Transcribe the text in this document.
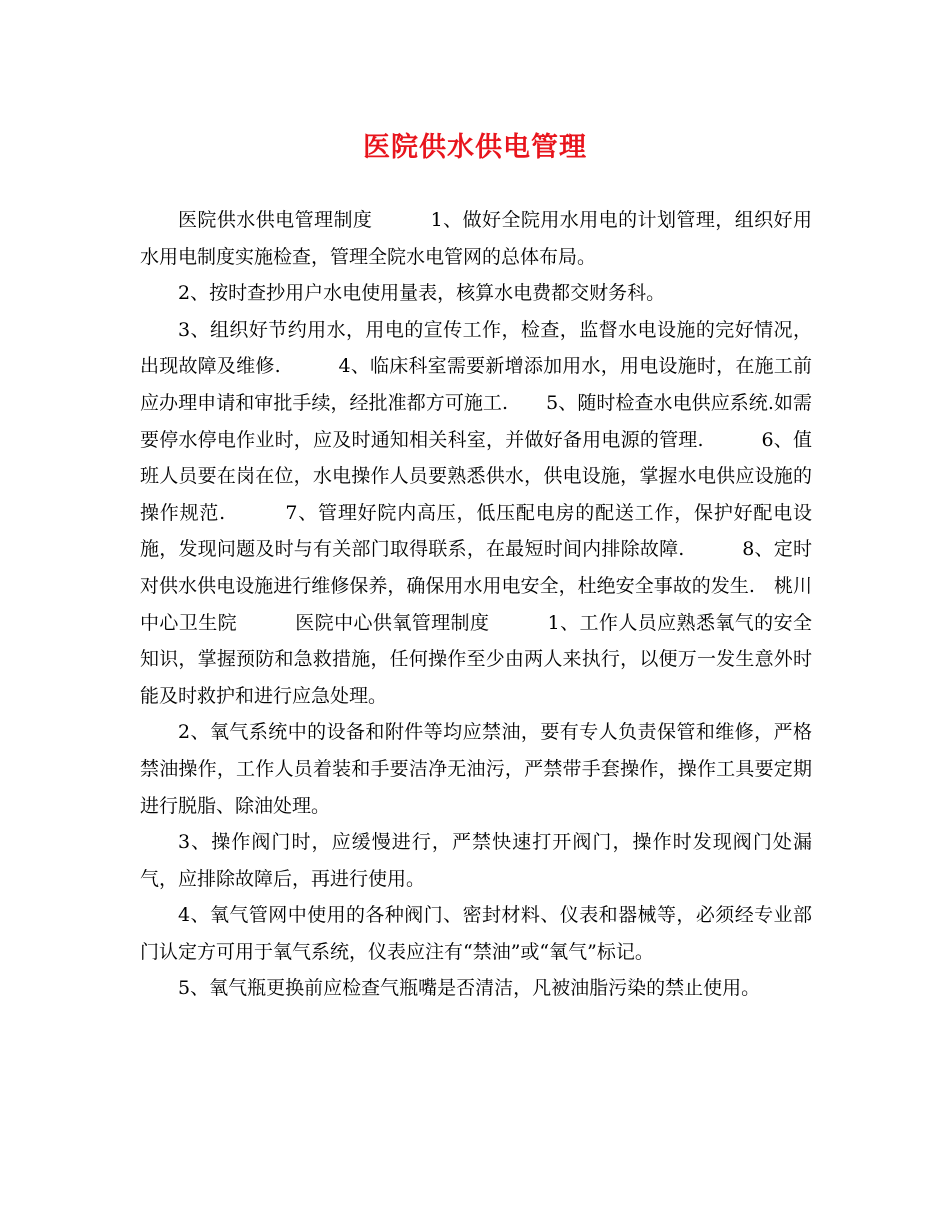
医院供水供电管理

医院供水供电管理制度　　　1、做好全院用水用电的计划管理，组织好用水用电制度实施检查，管理全院水电管网的总体布局。

2、按时查抄用户水电使用量表，核算水电费都交财务科。

3、组织好节约用水，用电的宣传工作，检查，监督水电设施的完好情况，出现故障及维修.　　　4、临床科室需要新增添加用水，用电设施时，在施工前应办理申请和审批手续，经批准都方可施工.　　5、随时检查水电供应系统.如需要停水停电作业时，应及时通知相关科室，并做好备用电源的管理.　　　6、值班人员要在岗在位，水电操作人员要熟悉供水，供电设施，掌握水电供应设施的操作规范.　　　7、管理好院内高压，低压配电房的配送工作，保护好配电设施，发现问题及时与有关部门取得联系，在最短时间内排除故障.　　　8、定时对供水供电设施进行维修保养，确保用水用电安全，杜绝安全事故的发生.　桃川中心卫生院　　　医院中心供氧管理制度　　　1、工作人员应熟悉氧气的安全知识，掌握预防和急救措施，任何操作至少由两人来执行，以便万一发生意外时能及时救护和进行应急处理。

2、氧气系统中的设备和附件等均应禁油，要有专人负责保管和维修，严格禁油操作，工作人员着装和手要洁净无油污，严禁带手套操作，操作工具要定期进行脱脂、除油处理。

3、操作阀门时，应缓慢进行，严禁快速打开阀门，操作时发现阀门处漏气，应排除故障后，再进行使用。

4、氧气管网中使用的各种阀门、密封材料、仪表和器械等，必须经专业部门认定方可用于氧气系统，仪表应注有“禁油”或“氧气”标记。

5、氧气瓶更换前应检查气瓶嘴是否清洁，凡被油脂污染的禁止使用。
